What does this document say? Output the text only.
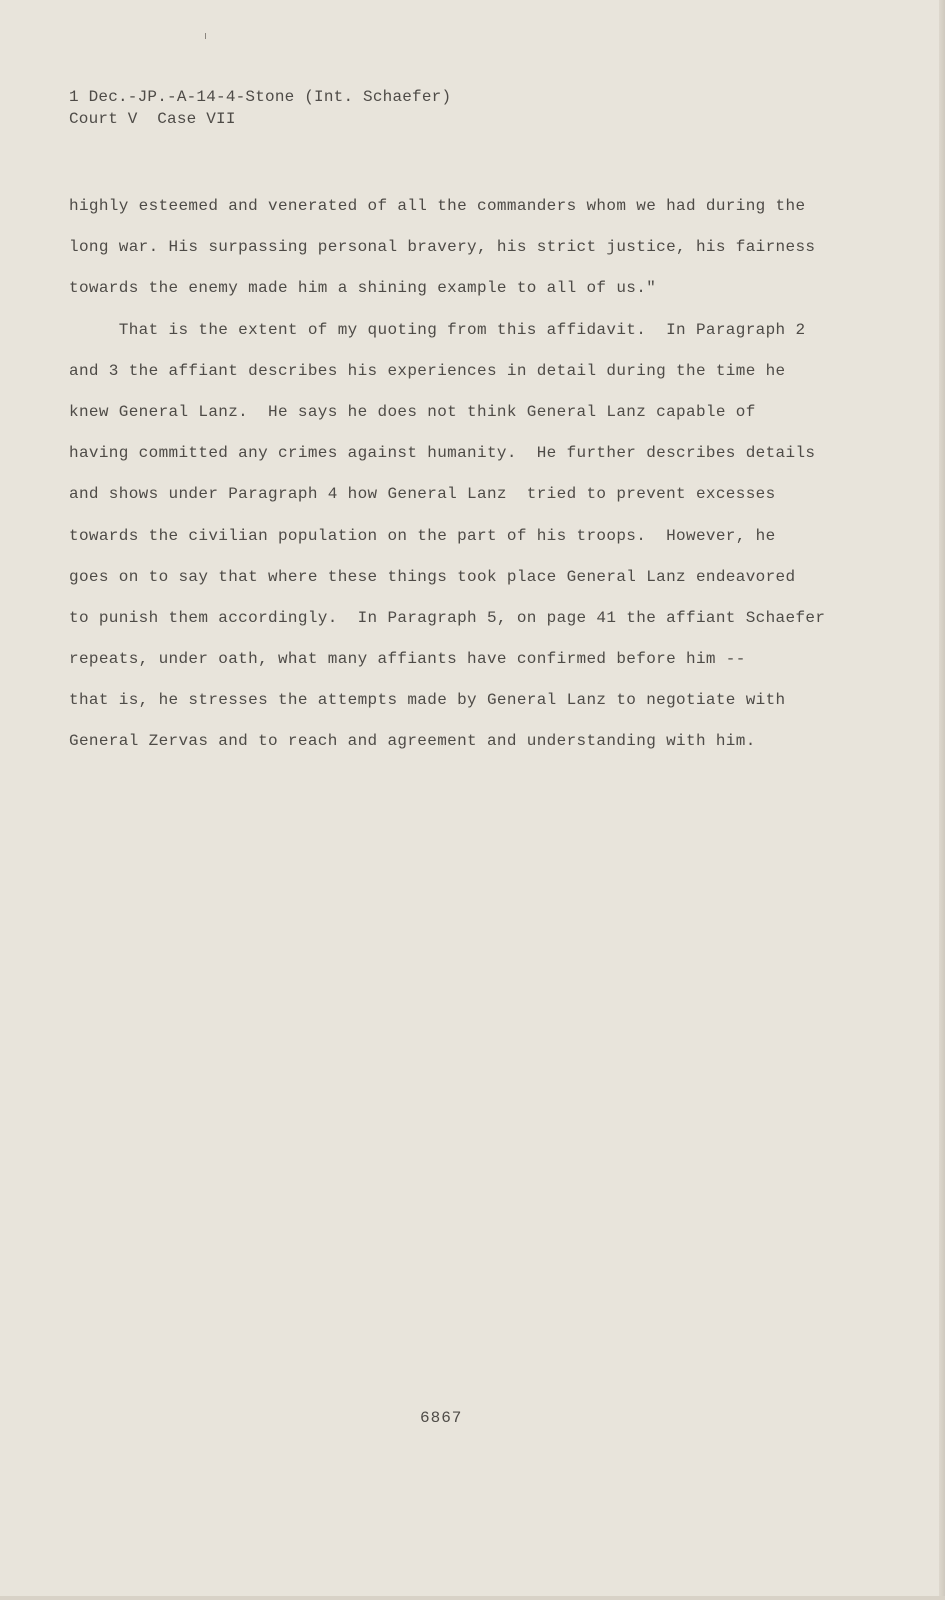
1 Dec.-JP.-A-14-4-Stone (Int. Schaefer)
Court V  Case VII
highly esteemed and venerated of all the commanders whom we had during the
long war. His surpassing personal bravery, his strict justice, his fairness
towards the enemy made him a shining example to all of us."
That is the extent of my quoting from this affidavit.  In Paragraph 2
and 3 the affiant describes his experiences in detail during the time he
knew General Lanz.  He says he does not think General Lanz capable of
having committed any crimes against humanity.  He further describes details
and shows under Paragraph 4 how General Lanz  tried to prevent excesses
towards the civilian population on the part of his troops.  However, he
goes on to say that where these things took place General Lanz endeavored
to punish them accordingly.  In Paragraph 5, on page 41 the affiant Schaefer
repeats, under oath, what many affiants have confirmed before him --
that is, he stresses the attempts made by General Lanz to negotiate with
General Zervas and to reach and agreement and understanding with him.
6867
